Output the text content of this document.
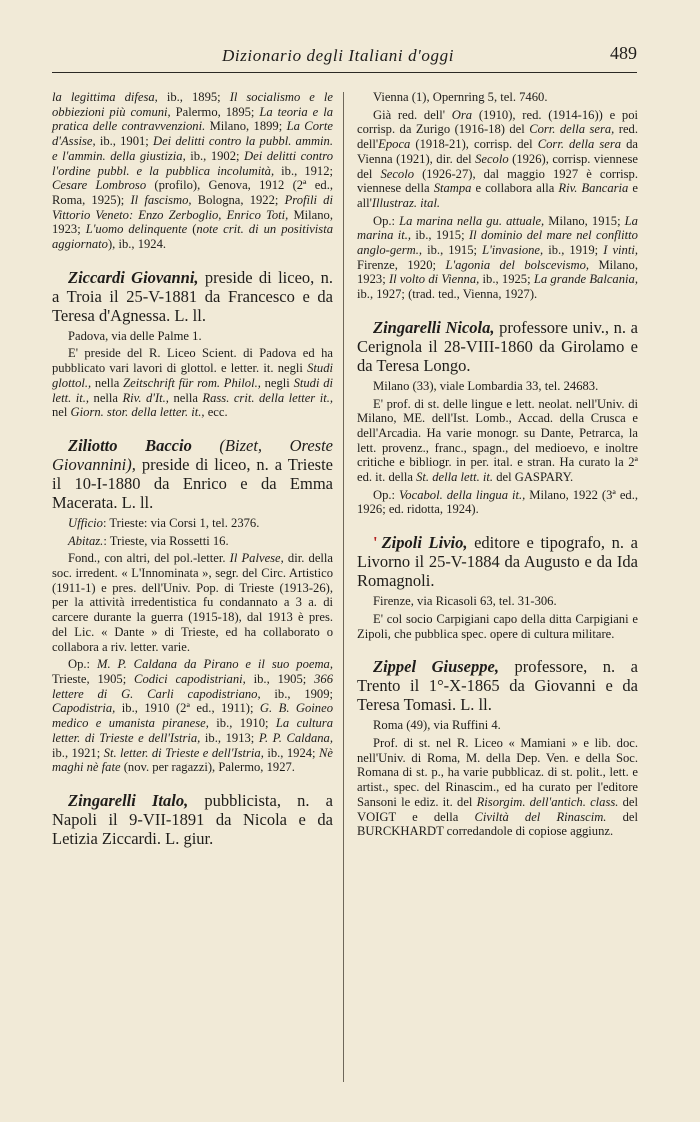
Dizionario degli Italiani d'oggi	489

la legittima difesa, ib., 1895; Il socialismo e le obbiezioni più comuni, Palermo, 1895; La teoria e la pratica delle contravvenzioni. Milano, 1899; La Corte d'Assise, ib., 1901; Dei delitti contro la pubbl. ammin. e l'ammin. della giustizia, ib., 1902; Dei delitti contro l'ordine pubbl. e la pubblica incolumità, ib., 1912; Cesare Lombroso (profilo), Genova, 1912 (2ª ed., Roma, 1925); Il fascismo, Bologna, 1922; Profili di Vittorio Veneto: Enzo Zerboglio, Enrico Toti, Milano, 1923; L'uomo delinquente (note crit. di un positivista aggiornato), ib., 1924.

Ziccardi Giovanni, preside di liceo, n. a Troia il 25-V-1881 da Francesco e da Teresa d'Agnessa. L. ll.

Padova, via delle Palme 1.

E' preside del R. Liceo Scient. di Padova ed ha pubblicato vari lavori di glottol. e letter. it. negli Studi glottol., nella Zeitschrift für rom. Philol., negli Studi di lett. it., nella Riv. d'It., nella Rass. crit. della letter it., nel Giorn. stor. della letter. it., ecc.

Ziliotto Baccio (Bizet, Oreste Giovannini), preside di liceo, n. a Trieste il 10-I-1880 da Enrico e da Emma Macerata. L. ll.

Ufficio: Trieste: via Corsi 1, tel. 2376.

Abitaz.: Trieste, via Rossetti 16.

Fond., con altri, del pol.-letter. Il Palvese, dir. della soc. irredent. « L'Innominata », segr. del Circ. Artistico (1911-1) e pres. dell'Univ. Pop. di Trieste (1913-26), per la attività irredentistica fu condannato a 3 a. di carcere durante la guerra (1915-18), dal 1913 è pres. del Lic. « Dante » di Trieste, ed ha collaborato o collabora a riv. letter. varie.

Op.: M. P. Caldana da Pirano e il suo poema, Trieste, 1905; Codici capodistriani, ib., 1905; 366 lettere di G. Carli capodistriano, ib., 1909; Capodistria, ib., 1910 (2ª ed., 1911); G. B. Goineo medico e umanista piranese, ib., 1910; La cultura letter. di Trieste e dell'Istria, ib., 1913; P. P. Caldana, ib., 1921; St. letter. di Trieste e dell'Istria, ib., 1924; Nè maghi nè fate (nov. per ragazzi), Palermo, 1927.

Zingarelli Italo, pubblicista, n. a Napoli il 9-VII-1891 da Nicola e da Letizia Ziccardi. L. giur.

Vienna (1), Opernring 5, tel. 7460.

Già red. dell' Ora (1910), red. (1914-16)) e poi corrisp. da Zurigo (1916-18) del Corr. della sera, red. dell'Epoca (1918-21), corrisp. del Corr. della sera da Vienna (1921), dir. del Secolo (1926), corrisp. viennese del Secolo (1926-27), dal maggio 1927 è corrisp. viennese della Stampa e collabora alla Riv. Bancaria e all'Illustraz. ital.

Op.: La marina nella gu. attuale, Milano, 1915; La marina it., ib., 1915; Il dominio del mare nel conflitto anglo-germ., ib., 1915; L'invasione, ib., 1919; I vinti, Firenze, 1920; L'agonia del bolscevismo, Milano, 1923; Il volto di Vienna, ib., 1925; La grande Balcania, ib., 1927; (trad. ted., Vienna, 1927).

Zingarelli Nicola, professore univ., n. a Cerignola il 28-VIII-1860 da Girolamo e da Teresa Longo.

Milano (33), viale Lombardia 33, tel. 24683.

E' prof. di st. delle lingue e lett. neolat. nell'Univ. di Milano, ME. dell'Ist. Lomb., Accad. della Crusca e dell'Arcadia. Ha varie monogr. su Dante, Petrarca, la lett. provenz., franc., spagn., del medioevo, e inoltre critiche e bibliogr. in per. ital. e stran. Ha curato la 2ª ed. it. della St. della lett. it. del GASPARY.

Op.: Vocabol. della lingua it., Milano, 1922 (3ª ed., 1926; ed. ridotta, 1924).

' Zipoli Livio, editore e tipografo, n. a Livorno il 25-V-1884 da Augusto e da Ida Romagnoli.

Firenze, via Ricasoli 63, tel. 31-306.

E' col socio Carpigiani capo della ditta Carpigiani e Zipoli, che pubblica spec. opere di cultura militare.

Zippel Giuseppe, professore, n. a Trento il 1°-X-1865 da Giovanni e da Teresa Tomasi. L. ll.

Roma (49), via Ruffini 4.

Prof. di st. nel R. Liceo « Mamiani » e lib. doc. nell'Univ. di Roma, M. della Dep. Ven. e della Soc. Romana di st. p., ha varie pubblicaz. di st. polit., lett. e artist., spec. del Rinascim., ed ha curato per l'editore Sansoni le ediz. it. del Risorgim. dell'antich. class. del VOIGT e della Civiltà del Rinascim. del BURCKHARDT corredandole di copiose aggiunz.
